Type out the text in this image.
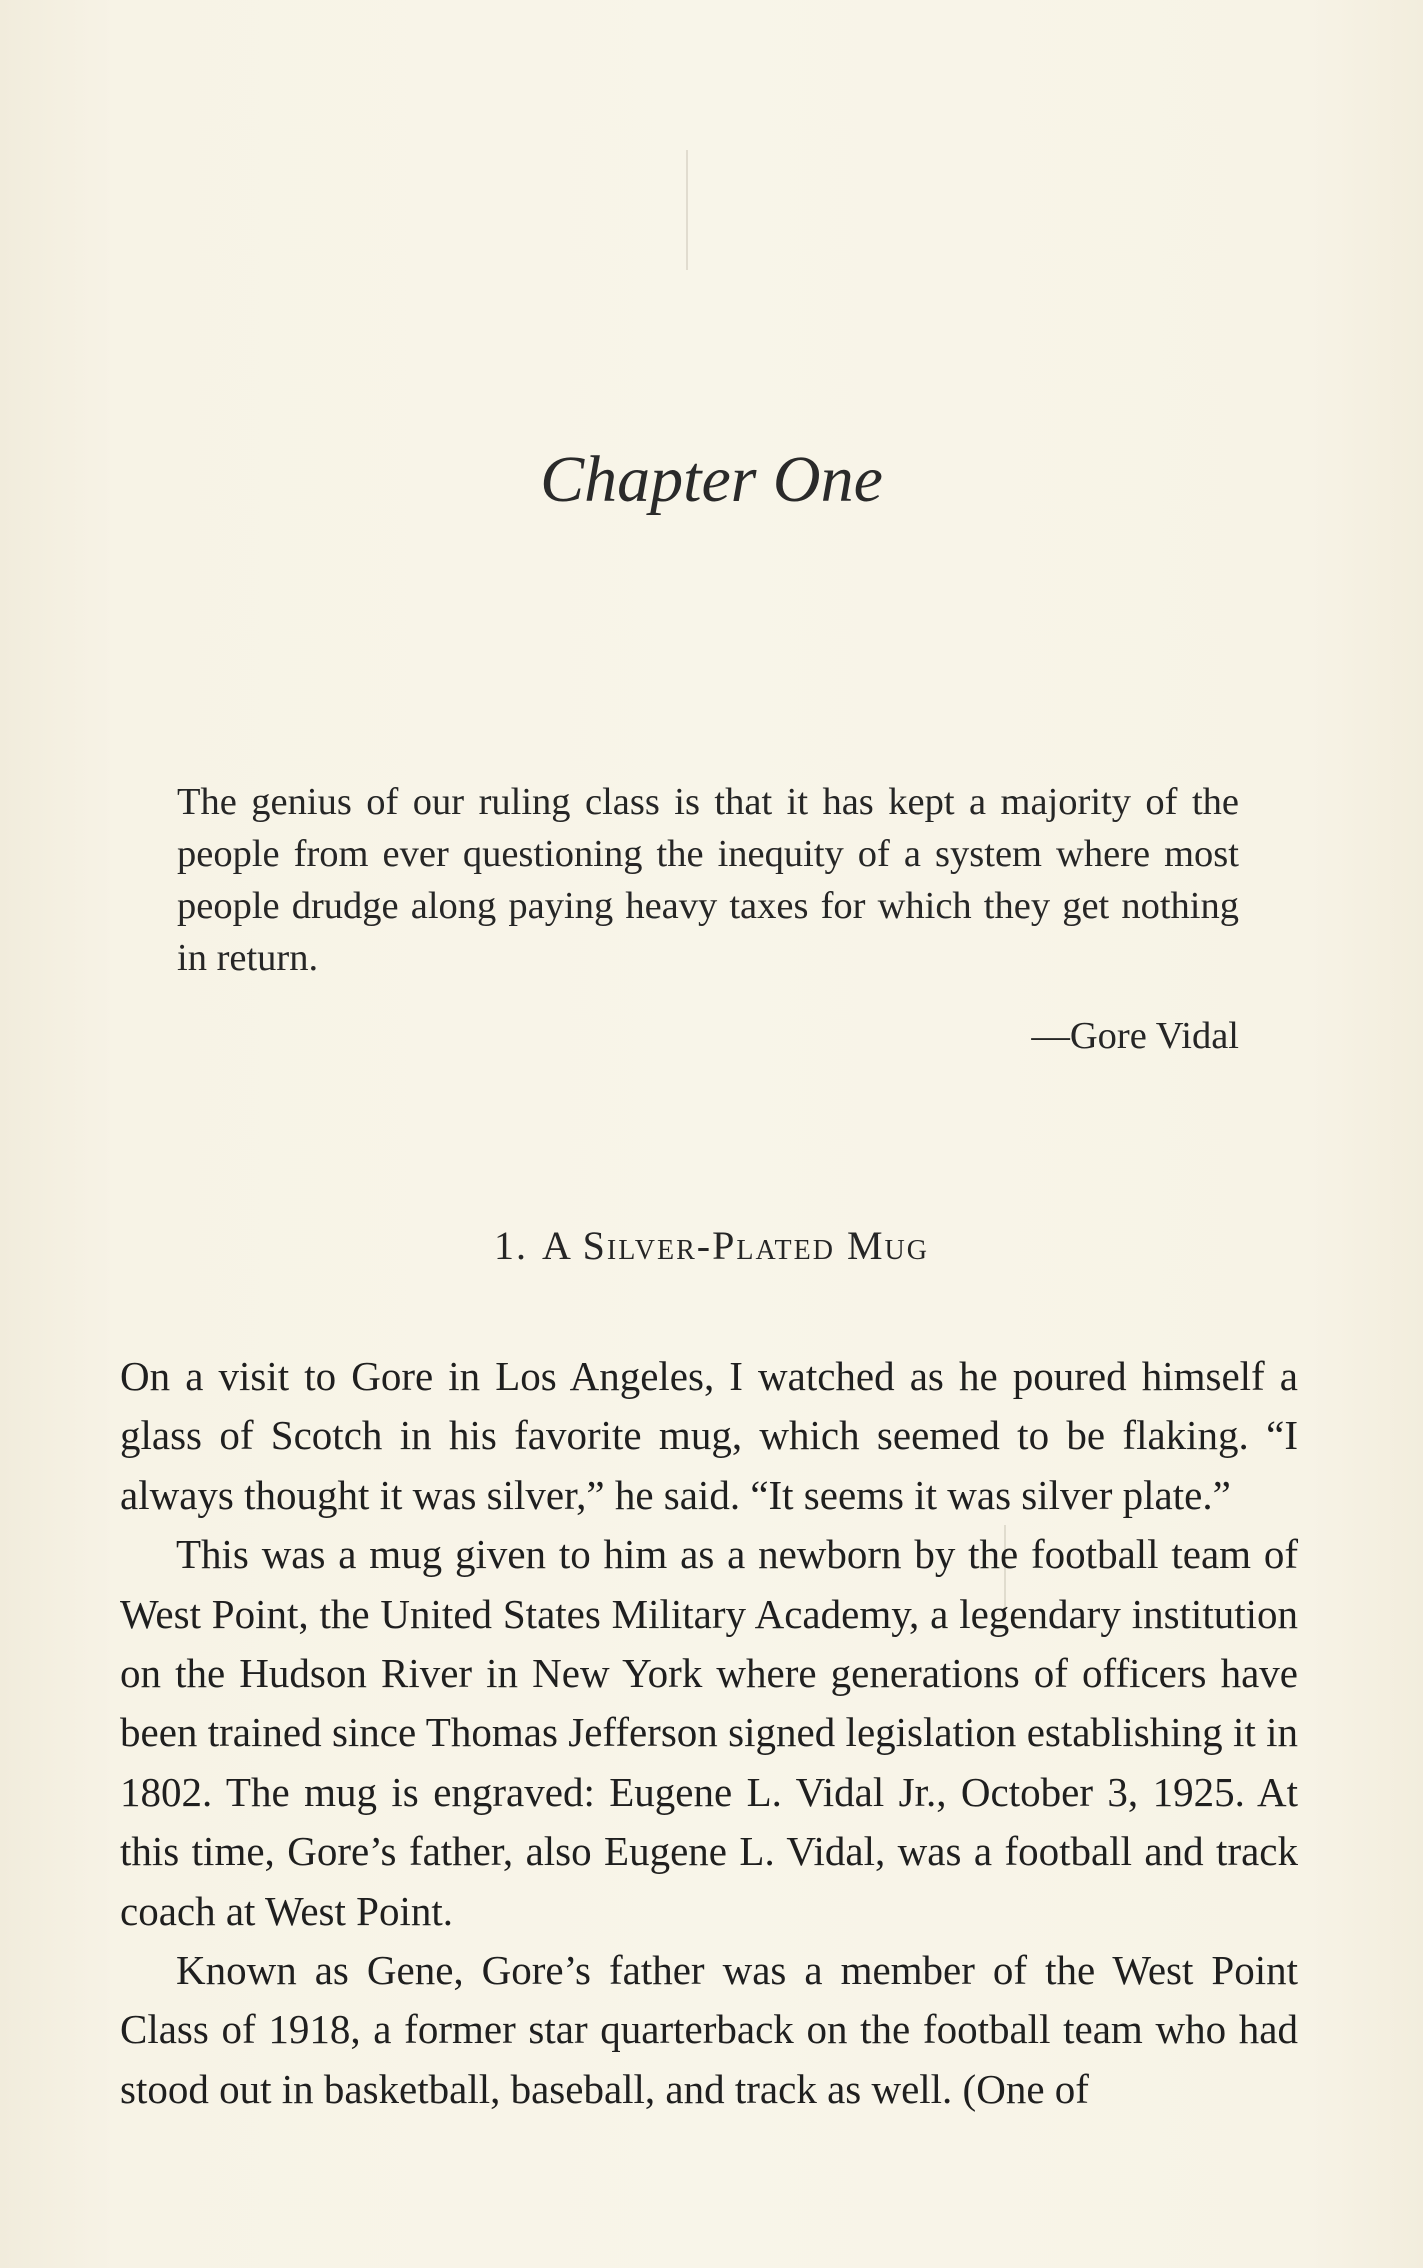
Chapter One

The genius of our ruling class is that it has kept a majority of the people from ever questioning the inequity of a system where most people drudge along paying heavy taxes for which they get nothing in return.

—Gore Vidal

1. A Silver-Plated Mug

On a visit to Gore in Los Angeles, I watched as he poured himself a glass of Scotch in his favorite mug, which seemed to be flaking. “I always thought it was silver,” he said. “It seems it was silver plate.”

This was a mug given to him as a newborn by the football team of West Point, the United States Military Academy, a legendary institution on the Hudson River in New York where generations of officers have been trained since Thomas Jefferson signed legislation establishing it in 1802. The mug is engraved: Eugene L. Vidal Jr., October 3, 1925. At this time, Gore’s father, also Eugene L. Vidal, was a football and track coach at West Point.

Known as Gene, Gore’s father was a member of the West Point Class of 1918, a former star quarterback on the football team who had stood out in basketball, baseball, and track as well. (One of
